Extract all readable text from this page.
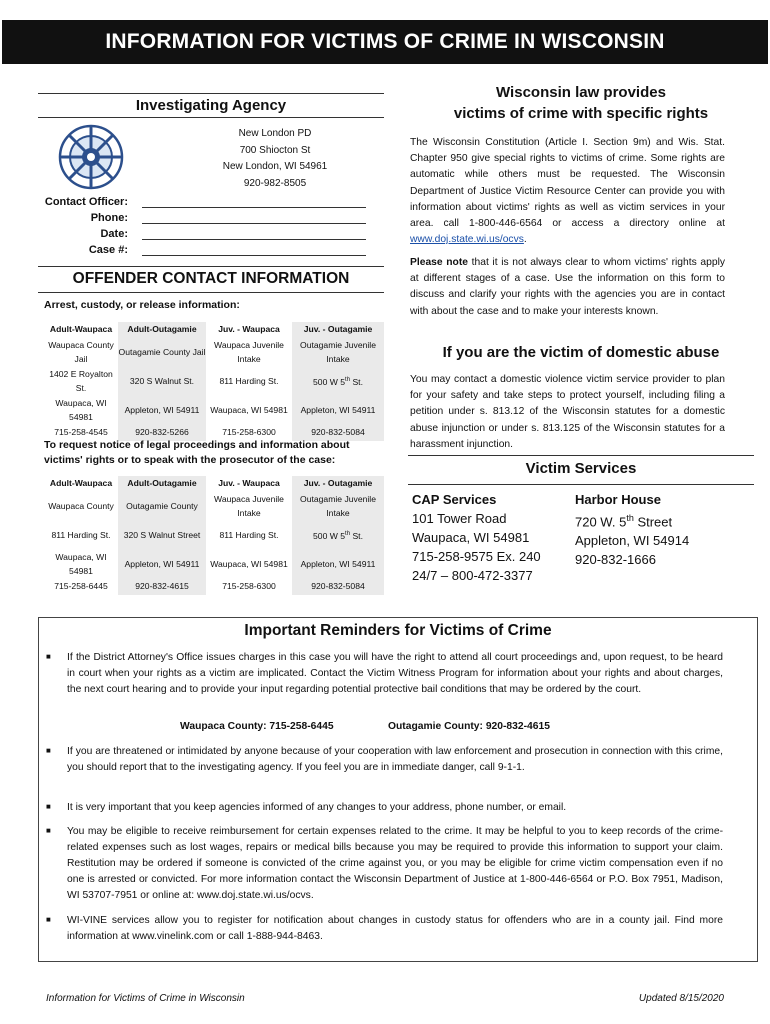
INFORMATION FOR VICTIMS OF CRIME IN WISCONSIN
Investigating Agency
New London PD
700 Shiocton St
New London, WI 54961
920-982-8505
Contact Officer:
Phone:
Date:
Case #:
OFFENDER CONTACT INFORMATION
Arrest, custody, or release information:
Adult-Waupaca	Adult-Outagamie	Juv. - Waupaca	Juv. - Outagamie
Waupaca County Jail	Outagamie County Jail	Waupaca Juvenile Intake	Outagamie Juvenile Intake
1402 E Royalton St.	320 S Walnut St.	811 Harding St.	500 W 5th St.
Waupaca, WI 54981	Appleton, WI 54911	Waupaca, WI 54981	Appleton, WI 54911
715-258-4545	920-832-5266	715-258-6300	920-832-5084
To request notice of legal proceedings and information about victims' rights or to speak with the prosecutor of the case:
Adult-Waupaca	Adult-Outagamie	Juv. - Waupaca	Juv. - Outagamie
Waupaca County	Outagamie County	Waupaca Juvenile Intake	Outagamie Juvenile Intake
811 Harding St.	320 S Walnut Street	811 Harding St.	500 W 5th St.
Waupaca, WI 54981	Appleton, WI 54911	Waupaca, WI 54981	Appleton, WI 54911
715-258-6445	920-832-4615	715-258-6300	920-832-5084
Wisconsin law provides
victims of crime with specific rights
The Wisconsin Constitution (Article I. Section 9m) and Wis. Stat. Chapter 950 give special rights to victims of crime. Some rights are automatic while others must be requested. The Wisconsin Department of Justice Victim Resource Center can provide you with information about victims' rights as well as victim services in your area. call 1-800-446-6564 or access a directory online at www.doj.state.wi.us/ocvs.
Please note that it is not always clear to whom victims' rights apply at different stages of a case. Use the information on this form to discuss and clarify your rights with the agencies you are in contact with about the case and to make your interests known.
If you are the victim of domestic abuse
You may contact a domestic violence victim service provider to plan for your safety and take steps to protect yourself, including filing a petition under s. 813.12 of the Wisconsin statutes for a domestic abuse injunction or under s. 813.125 of the Wisconsin statutes for a harassment injunction.
Victim Services
CAP Services
101 Tower Road
Waupaca, WI 54981
715-258-9575 Ex. 240
24/7 – 800-472-3377
Harbor House
720 W. 5th Street
Appleton, WI 54914
920-832-1666
Important Reminders for Victims of Crime
■ If the District Attorney's Office issues charges in this case you will have the right to attend all court proceedings and, upon request, to be heard in court when your rights as a victim are implicated. Contact the Victim Witness Program for information about your rights and about charges, the next court hearing and to provide your input regarding potential protective bail conditions that may be ordered by the court.
Waupaca County: 715-258-6445	Outagamie County: 920-832-4615
■ If you are threatened or intimidated by anyone because of your cooperation with law enforcement and prosecution in connection with this crime, you should report that to the investigating agency. If you feel you are in immediate danger, call 9-1-1.
■ It is very important that you keep agencies informed of any changes to your address, phone number, or email.
■ You may be eligible to receive reimbursement for certain expenses related to the crime. It may be helpful to you to keep records of the crime-related expenses such as lost wages, repairs or medical bills because you may be required to provide this information to support your claim. Restitution may be ordered if someone is convicted of the crime against you, or you may be eligible for crime victim compensation even if no one is arrested or convicted. For more information contact the Wisconsin Department of Justice at 1-800-446-6564 or P.O. Box 7951, Madison, WI 53707-7951 or online at: www.doj.state.wi.us/ocvs.
■ WI-VINE services allow you to register for notification about changes in custody status for offenders who are in a county jail. Find more information at www.vinelink.com or call 1-888-944-8463.
Information for Victims of Crime in Wisconsin	Updated 8/15/2020
